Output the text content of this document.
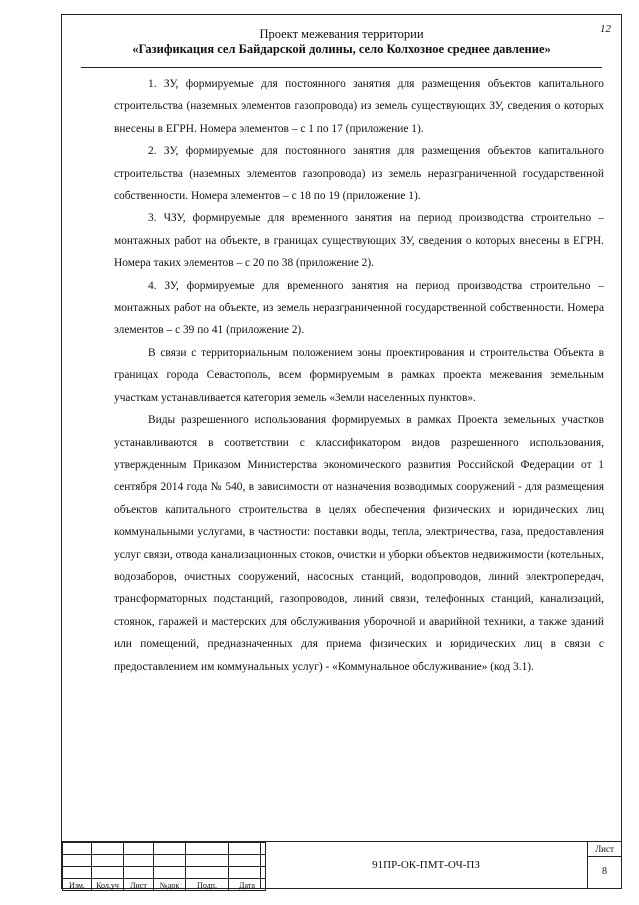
12
Проект межевания территории
«Газификация сел Байдарской долины, село Колхозное среднее давление»

1. ЗУ, формируемые для постоянного занятия для размещения объектов капитального строительства (наземных элементов газопровода) из земель существующих ЗУ, сведения о которых внесены в ЕГРН. Номера элементов – с 1 по 17 (приложение 1).

2. ЗУ, формируемые для постоянного занятия для размещения объектов капитального строительства (наземных элементов газопровода) из земель неразграниченной государственной собственности. Номера элементов – с 18 по 19 (приложение 1).

3. ЧЗУ, формируемые для временного занятия на период производства строительно – монтажных работ на объекте, в границах существующих ЗУ, сведения о которых внесены в ЕГРН. Номера таких элементов – с 20 по 38 (приложение 2).

4. ЗУ, формируемые для временного занятия на период производства строительно – монтажных работ на объекте, из земель неразграниченной государственной собственности. Номера элементов – с 39 по 41 (приложение 2).

В связи с территориальным положением зоны проектирования и строительства Объекта в границах города Севастополь, всем формируемым в рамках проекта межевания земельным участкам устанавливается категория земель «Земли населенных пунктов».

Виды разрешенного использования формируемых в рамках Проекта земельных участков устанавливаются в соответствии с классификатором видов разрешенного использования, утвержденным Приказом Министерства экономического развития Российской Федерации от 1 сентября 2014 года № 540, в зависимости от назначения возводимых сооружений - для размещения объектов капитального строительства в целях обеспечения физических и юридических лиц коммунальными услугами, в частности: поставки воды, тепла, электричества, газа, предоставления услуг связи, отвода канализационных стоков, очистки и уборки объектов недвижимости (котельных, водозаборов, очистных сооружений, насосных станций, водопроводов, линий электропередач, трансформаторных подстанций, газопроводов, линий связи, телефонных станций, канализаций, стоянок, гаражей и мастерских для обслуживания уборочной и аварийной техники, а также зданий или помещений, предназначенных для приема физических и юридических лиц в связи с предоставлением им коммунальных услуг) - «Коммунальное обслуживание» (код 3.1).

Изм.	Кол.уч	Лист	№док	Подп.	Дата
91ПР-ОК-ПМТ-ОЧ-ПЗ
Лист
8
